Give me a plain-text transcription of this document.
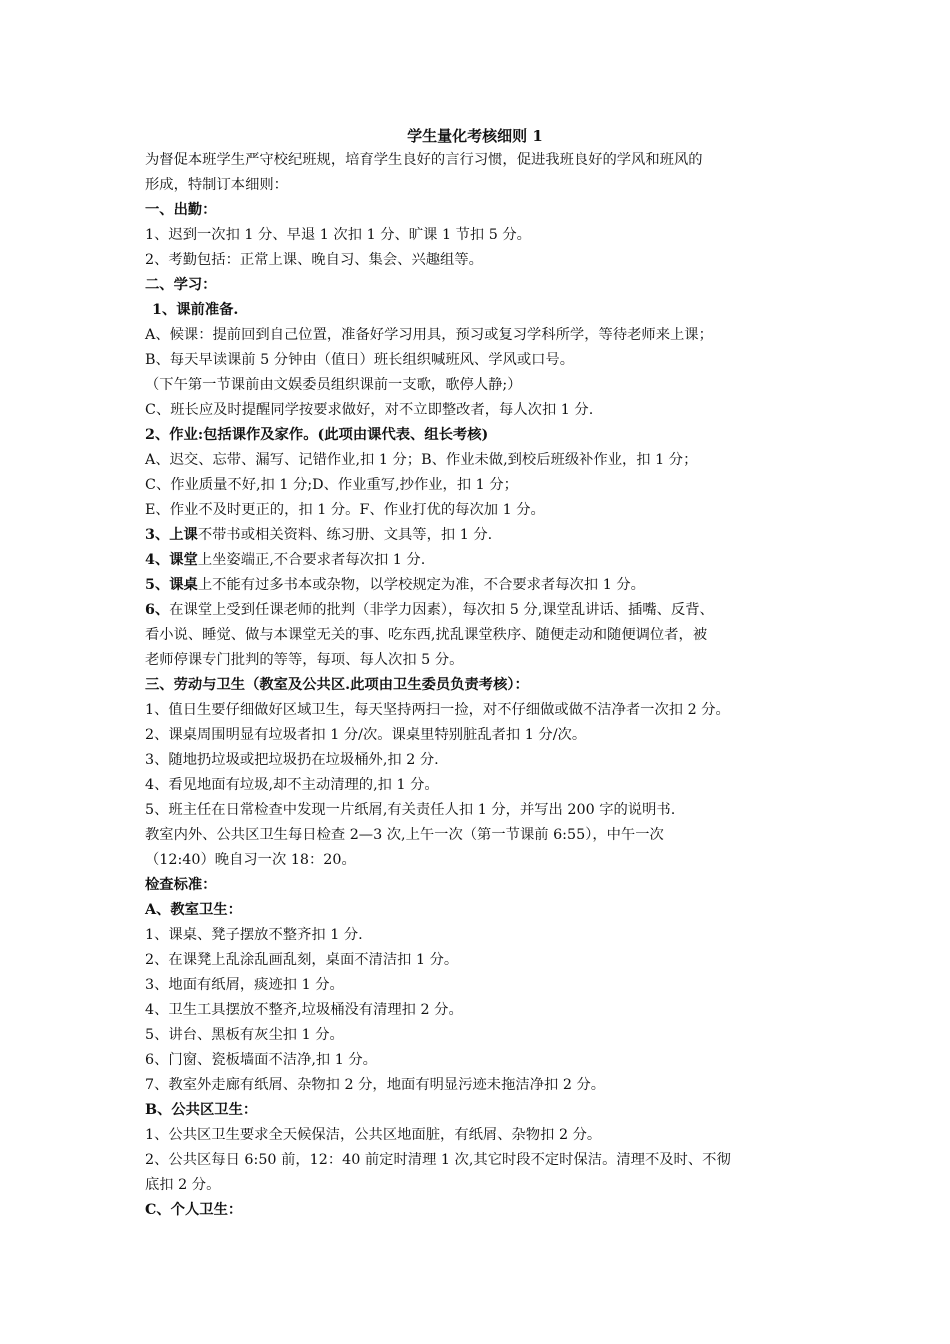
学生量化考核细则 1
为督促本班学生严守校纪班规，培育学生良好的言行习惯，促进我班良好的学风和班风的
形成，特制订本细则：
一、出勤：
1、迟到一次扣 1 分、早退 1 次扣 1 分、旷课 1 节扣 5 分。
2、考勤包括：正常上课、晚自习、集会、兴趣组等。
二、学习：
1、课前准备.
A、候课：提前回到自己位置，准备好学习用具，预习或复习学科所学，等待老师来上课；
B、每天早读课前 5 分钟由（值日）班长组织喊班风、学风或口号。
（下午第一节课前由文娱委员组织课前一支歌，歌停人静;）
C、班长应及时提醒同学按要求做好，对不立即整改者，每人次扣 1 分.
2、作业:包括课作及家作。(此项由课代表、组长考核)
A、迟交、忘带、漏写、记错作业,扣 1 分；B、作业未做,到校后班级补作业，扣 1 分；
C、作业质量不好,扣 1 分;D、作业重写,抄作业，扣 1 分；
E、作业不及时更正的，扣 1 分。F、作业打优的每次加 1 分。
3、上课不带书或相关资料、练习册、文具等，扣 1 分.
4、课堂上坐姿端正,不合要求者每次扣 1 分.
5、课桌上不能有过多书本或杂物，以学校规定为准，不合要求者每次扣 1 分。
6、在课堂上受到任课老师的批判（非学力因素），每次扣 5 分,课堂乱讲话、插嘴、反背、
看小说、睡觉、做与本课堂无关的事、吃东西,扰乱课堂秩序、随便走动和随便调位者，被
老师停课专门批判的等等，每项、每人次扣 5 分。
三、劳动与卫生（教室及公共区.此项由卫生委员负责考核）：
1、值日生要仔细做好区域卫生，每天坚持两扫一捡，对不仔细做或做不洁净者一次扣 2 分。
2、课桌周围明显有垃圾者扣 1 分/次。课桌里特别脏乱者扣 1 分/次。
3、随地扔垃圾或把垃圾扔在垃圾桶外,扣 2 分.
4、看见地面有垃圾,却不主动清理的,扣 1 分。
5、班主任在日常检查中发现一片纸屑,有关责任人扣 1 分，并写出 200 字的说明书.
教室内外、公共区卫生每日检查 2—3 次,上午一次（第一节课前 6:55），中午一次
（12:40）晚自习一次 18：20。
检查标准：
A、教室卫生：
1、课桌、凳子摆放不整齐扣 1 分.
2、在课凳上乱涂乱画乱刻，桌面不清洁扣 1 分。
3、地面有纸屑，痰迹扣 1 分。
4、卫生工具摆放不整齐,垃圾桶没有清理扣 2 分。
5、讲台、黑板有灰尘扣 1 分。
6、门窗、瓷板墙面不洁净,扣 1 分。
7、教室外走廊有纸屑、杂物扣 2 分，地面有明显污迹未拖洁净扣 2 分。
B、公共区卫生：
1、公共区卫生要求全天候保洁，公共区地面脏，有纸屑、杂物扣 2 分。
2、公共区每日 6:50 前，12：40 前定时清理 1 次,其它时段不定时保洁。清理不及时、不彻
底扣 2 分。
C、个人卫生：
